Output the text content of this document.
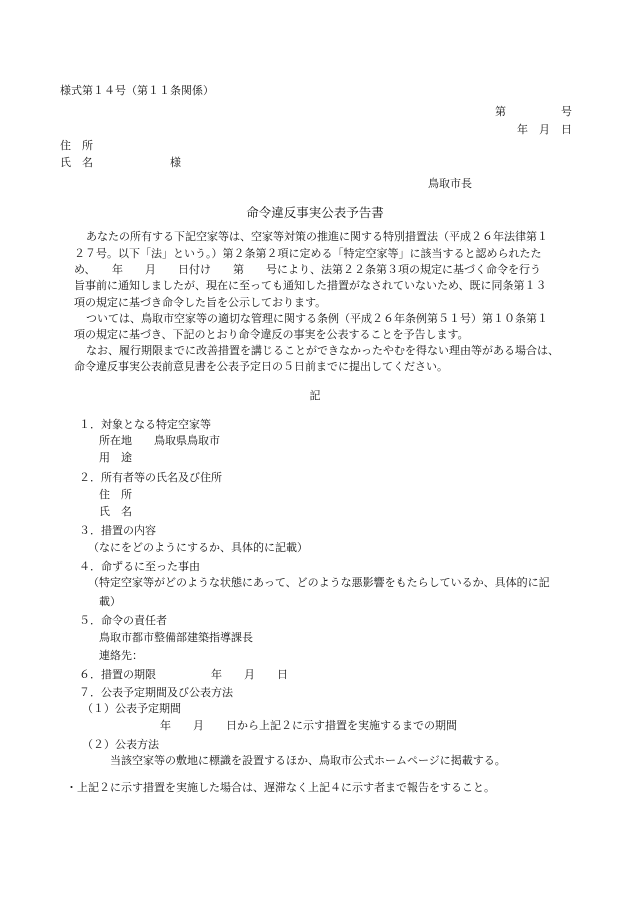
様式第１４号（第１１条関係）
第　　　　　号
年　月　日
住　所
氏　名　　　　　　　様
鳥取市長
命令違反事実公表予告書
あなたの所有する下記空家等は、空家等対策の推進に関する特別措置法（平成２６年法律第１
２７号。以下「法」という。）第２条第２項に定める「特定空家等」に該当すると認められたた
め、　　年　　月　　日付け　　第　　号により、法第２２条第３項の規定に基づく命令を行う
旨事前に通知しましたが、現在に至っても通知した措置がなされていないため、既に同条第１３
項の規定に基づき命令した旨を公示しております。
ついては、鳥取市空家等の適切な管理に関する条例（平成２６年条例第５１号）第１０条第１
項の規定に基づき、下記のとおり命令違反の事実を公表することを予告します。
なお、履行期限までに改善措置を講じることができなかったやむを得ない理由等がある場合は、
命令違反事実公表前意見書を公表予定日の５日前までに提出してください。
記
１．対象となる特定空家等
所在地　　鳥取県鳥取市
用　途
２．所有者等の氏名及び住所
住　所
氏　名
３．措置の内容
（なにをどのようにするか、具体的に記載）
４．命ずるに至った事由
（特定空家等がどのような状態にあって、どのような悪影響をもたらしているか、具体的に記
載）
５．命令の責任者
鳥取市都市整備部建築指導課長
連絡先：
６．措置の期限　　　　　年　　月　　日
７．公表予定期間及び公表方法
（１）公表予定期間
年　　月　　日から上記２に示す措置を実施するまでの期間
（２）公表方法
当該空家等の敷地に標識を設置するほか、鳥取市公式ホームページに掲載する。
・上記２に示す措置を実施した場合は、遅滞なく上記４に示す者まで報告をすること。
